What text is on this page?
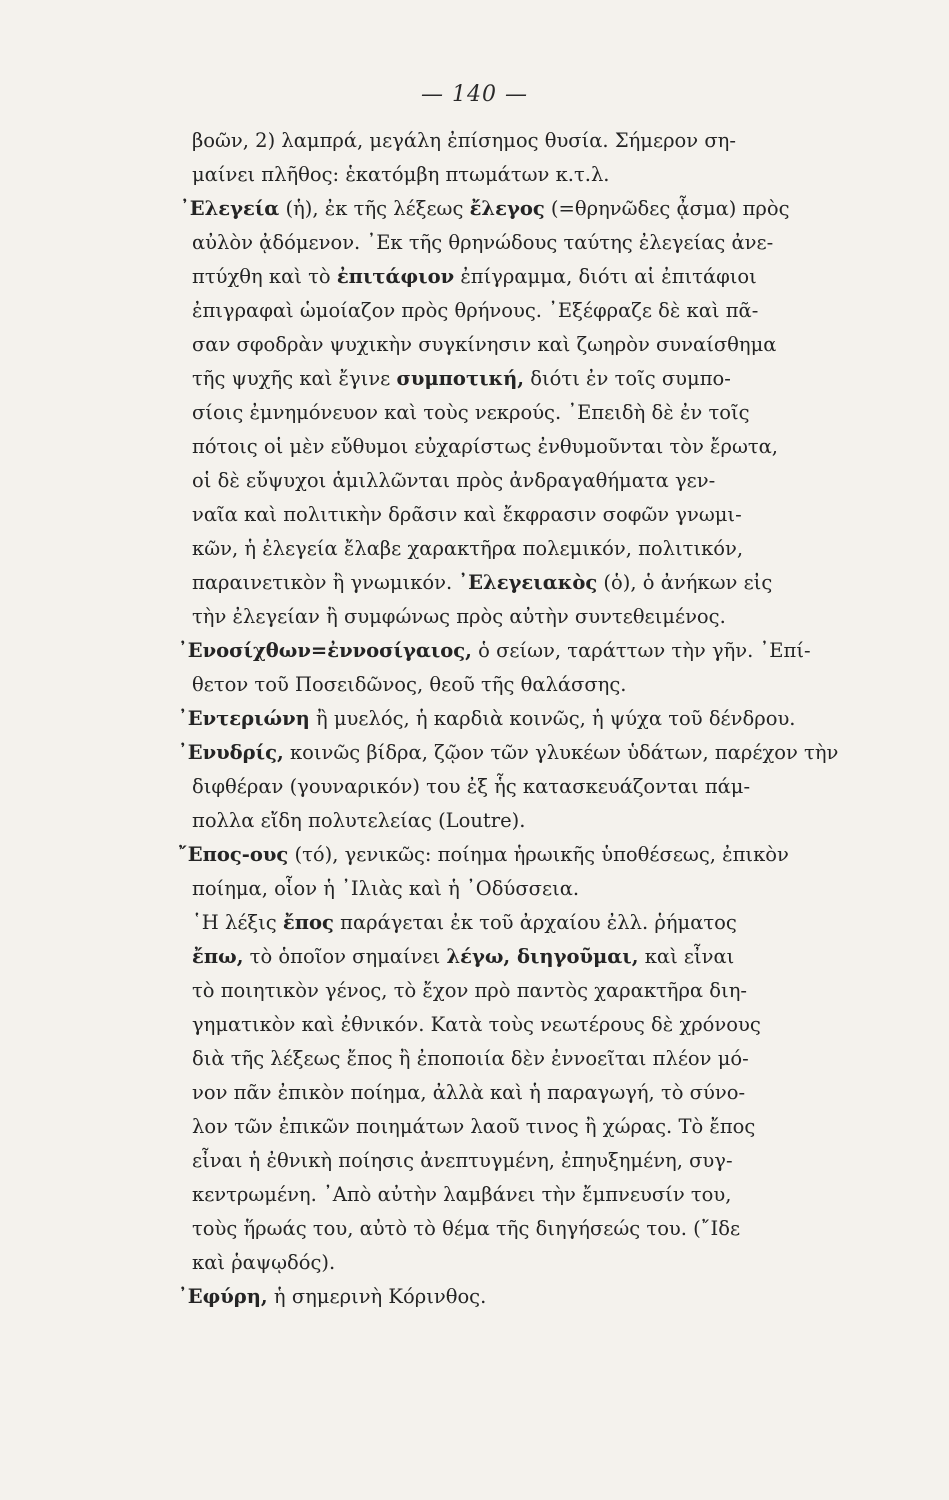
— 140 —
βοῶν, 2) λαμπρά, μεγάλη ἐπίσημος θυσία. Σήμερον ση-
μαίνει πλῆθος: ἑκατόμβη πτωμάτων κ.τ.λ.
᾿Ελεγεία (ἡ), ἐκ τῆς λέξεως ἔλεγος (=θρηνῶδες ᾆσμα) πρὸς
αὐλὸν ᾀδόμενον. ᾿Εκ τῆς θρηνώδους ταύτης ἐλεγείας ἀνε-
πτύχθη καὶ τὸ ἐπιτάφιον ἐπίγραμμα, διότι αἱ ἐπιτάφιοι
ἐπιγραφαὶ ὡμοίαζον πρὸς θρήνους. ᾿Εξέφραζε δὲ καὶ πᾶ-
σαν σφοδρὰν ψυχικὴν συγκίνησιν καὶ ζωηρὸν συναίσθημα
τῆς ψυχῆς καὶ ἔγινε συμποτική, διότι ἐν τοῖς συμπο-
σίοις ἐμνημόνευον καὶ τοὺς νεκρούς. ᾿Επειδὴ δὲ ἐν τοῖς
πότοις οἱ μὲν εὔθυμοι εὐχαρίστως ἐνθυμοῦνται τὸν ἔρωτα,
οἱ δὲ εὔψυχοι ἁμιλλῶνται πρὸς ἀνδραγαθήματα γεν-
ναῖα καὶ πολιτικὴν δρᾶσιν καὶ ἔκφρασιν σοφῶν γνωμι-
κῶν, ἡ ἐλεγεία ἔλαβε χαρακτῆρα πολεμικόν, πολιτικόν,
παραινετικὸν ἢ γνωμικόν. ᾿Ελεγειακὸς (ὁ), ὁ ἀνήκων εἰς
τὴν ἐλεγείαν ἢ συμφώνως πρὸς αὐτὴν συντεθειμένος.
᾿Ενοσίχθων=ἐννοσίγαιος, ὁ σείων, ταράττων τὴν γῆν. ᾿Επί-
θετον τοῦ Ποσειδῶνος, θεοῦ τῆς θαλάσσης.
᾿Εντεριώνη ἢ μυελός, ἡ καρδιὰ κοινῶς, ἡ ψύχα τοῦ δένδρου.
᾿Ενυδρίς, κοινῶς βίδρα, ζῷον τῶν γλυκέων ὑδάτων, παρέχον τὴν
διφθέραν (γουναρικόν) του ἐξ ἧς κατασκευάζονται πάμ-
πολλα εἴδη πολυτελείας (Loutre).
῎Επος-ους (τό), γενικῶς: ποίημα ἡρωικῆς ὑποθέσεως, ἐπικὸν
ποίημα, οἷον ἡ ᾿Ιλιὰς καὶ ἡ ᾿Οδύσσεια.
῾Η λέξις ἔπος παράγεται ἐκ τοῦ ἀρχαίου ἐλλ. ῥήματος
ἔπω, τὸ ὁποῖον σημαίνει λέγω, διηγοῦμαι, καὶ εἶναι
τὸ ποιητικὸν γένος, τὸ ἔχον πρὸ παντὸς χαρακτῆρα διη-
γηματικὸν καὶ ἐθνικόν. Κατὰ τοὺς νεωτέρους δὲ χρόνους
διὰ τῆς λέξεως ἔπος ἢ ἐποποιία δὲν ἐννοεῖται πλέον μό-
νον πᾶν ἐπικὸν ποίημα, ἀλλὰ καὶ ἡ παραγωγή, τὸ σύνο-
λον τῶν ἐπικῶν ποιημάτων λαοῦ τινος ἢ χώρας. Τὸ ἔπος
εἶναι ἡ ἐθνικὴ ποίησις ἀνεπτυγμένη, ἐπηυξημένη, συγ-
κεντρωμένη. ᾿Απὸ αὐτὴν λαμβάνει τὴν ἔμπνευσίν του,
τοὺς ἥρωάς του, αὐτὸ τὸ θέμα τῆς διηγήσεώς του. (῎Ιδε
καὶ ῥαψῳδός).
᾿Εφύρη, ἡ σημερινὴ Κόρινθος.
